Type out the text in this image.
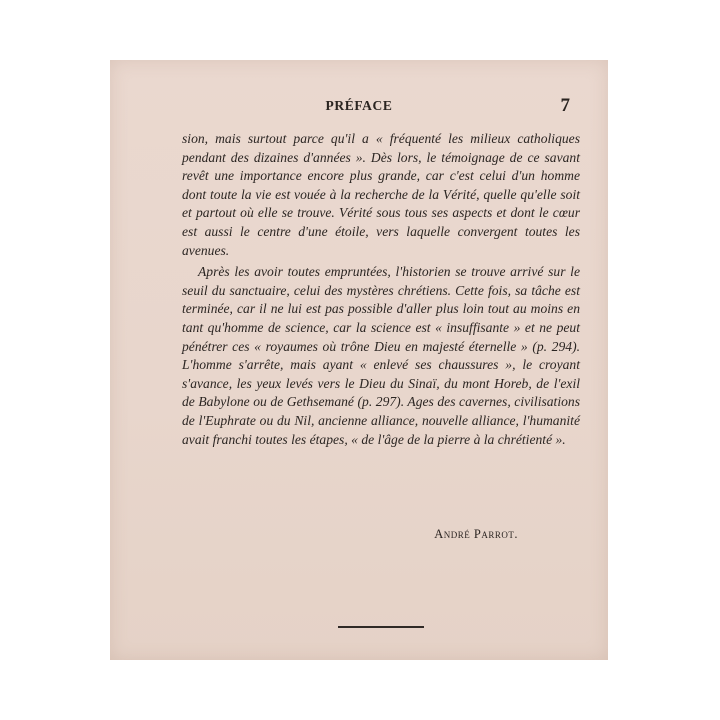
PRÉFACE	7

sion, mais surtout parce qu'il a « fréquenté les milieux catholiques pendant des dizaines d'années ». Dès lors, le témoignage de ce savant revêt une importance encore plus grande, car c'est celui d'un homme dont toute la vie est vouée à la recherche de la Vérité, quelle qu'elle soit et partout où elle se trouve. Vérité sous tous ses aspects et dont le cœur est aussi le centre d'une étoile, vers laquelle convergent toutes les avenues.

Après les avoir toutes empruntées, l'historien se trouve arrivé sur le seuil du sanctuaire, celui des mystères chrétiens. Cette fois, sa tâche est terminée, car il ne lui est pas possible d'aller plus loin tout au moins en tant qu'homme de science, car la science est « insuffisante » et ne peut pénétrer ces « royaumes où trône Dieu en majesté éternelle » (p. 294). L'homme s'arrête, mais ayant « enlevé ses chaussures », le croyant s'avance, les yeux levés vers le Dieu du Sinaï, du mont Horeb, de l'exil de Babylone ou de Gethsemané (p. 297). Ages des cavernes, civilisations de l'Euphrate ou du Nil, ancienne alliance, nouvelle alliance, l'humanité avait franchi toutes les étapes, « de l'âge de la pierre à la chrétienté ».

André Parrot.
